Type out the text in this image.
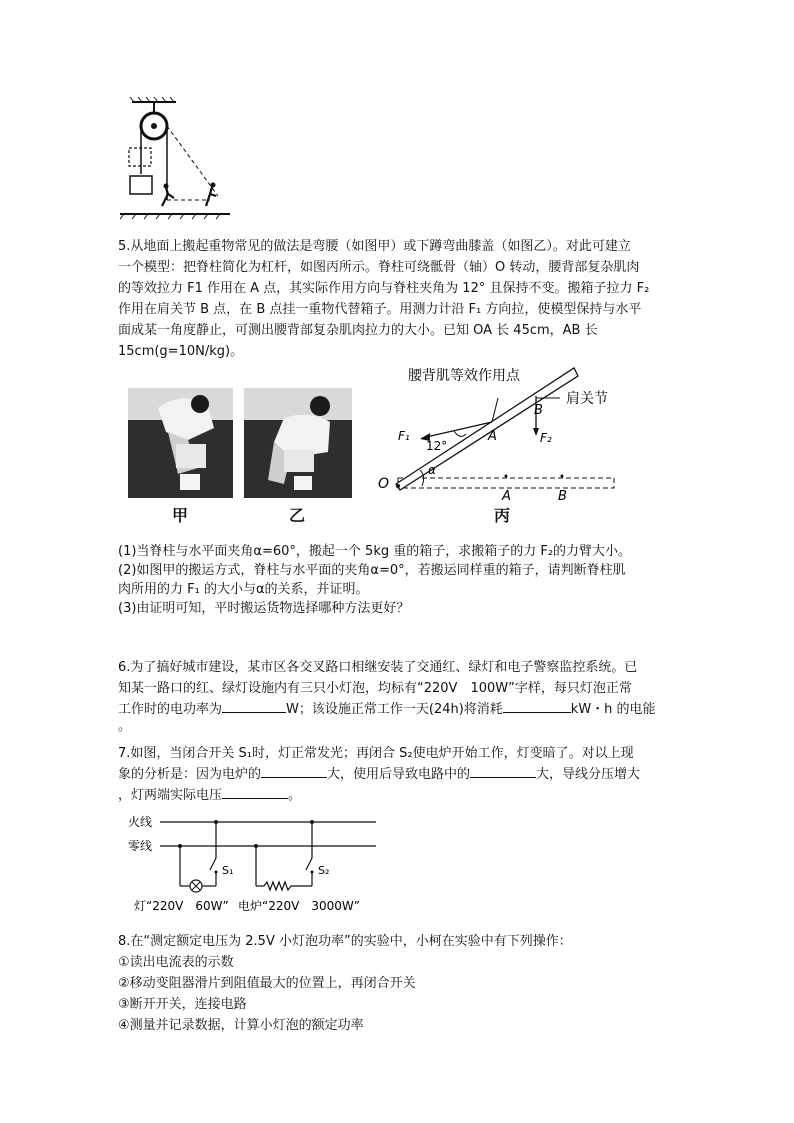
5.从地面上搬起重物常见的做法是弯腰（如图甲）或下蹲弯曲膝盖（如图乙）。对此可建立

一个模型：把脊柱简化为杠杆，如图丙所示。脊柱可绕骶骨（轴）O 转动，腰背部复杂肌肉

的等效拉力 F1 作用在 A 点，其实际作用方向与脊柱夹角为 12° 且保持不变。搬箱子拉力 F₂

作用在肩关节 B 点，在 B 点挂一重物代替箱子。用测力计沿 F₁ 方向拉，使模型保持与水平

面成某一角度静止，可测出腰背部复杂肌肉拉力的大小。已知 OA 长 45cm，AB 长

15cm(g=10N/kg)。

甲	乙
腰背肌等效作用点
肩关节
F₁
12°
A
B
F₂
O
α
A	B
丙

(1)当脊柱与水平面夹角α=60°，搬起一个 5kg 重的箱子，求搬箱子的力 F₂的力臂大小。

(2)如图甲的搬运方式，脊柱与水平面的夹角α=0°，若搬运同样重的箱子，请判断脊柱肌

肉所用的力 F₁ 的大小与α的关系，并证明。

(3)由证明可知，平时搬运货物选择哪种方法更好？

6.为了搞好城市建设，某市区各交叉路口相继安装了交通红、绿灯和电子警察监控系统。已

知某一路口的红、绿灯设施内有三只小灯泡，均标有“220V　100W”字样，每只灯泡正常

工作时的电功率为	W；该设施正常工作一天(24h)将消耗	kW・h 的电能

。

7.如图，当闭合开关 S₁时，灯正常发光；再闭合 S₂使电炉开始工作，灯变暗了。对以上现

象的分析是：因为电炉的	大，使用后导致电路中的	大，导线分压增大

，灯两端实际电压	。

火线
零线
S₁	S₂
灯“220V　60W” 电炉“220V　3000W”

8.在“测定额定电压为 2.5V 小灯泡功率”的实验中，小柯在实验中有下列操作：

①读出电流表的示数

②移动变阻器滑片到阻值最大的位置上，再闭合开关

③断开开关，连接电路

④测量并记录数据，计算小灯泡的额定功率
